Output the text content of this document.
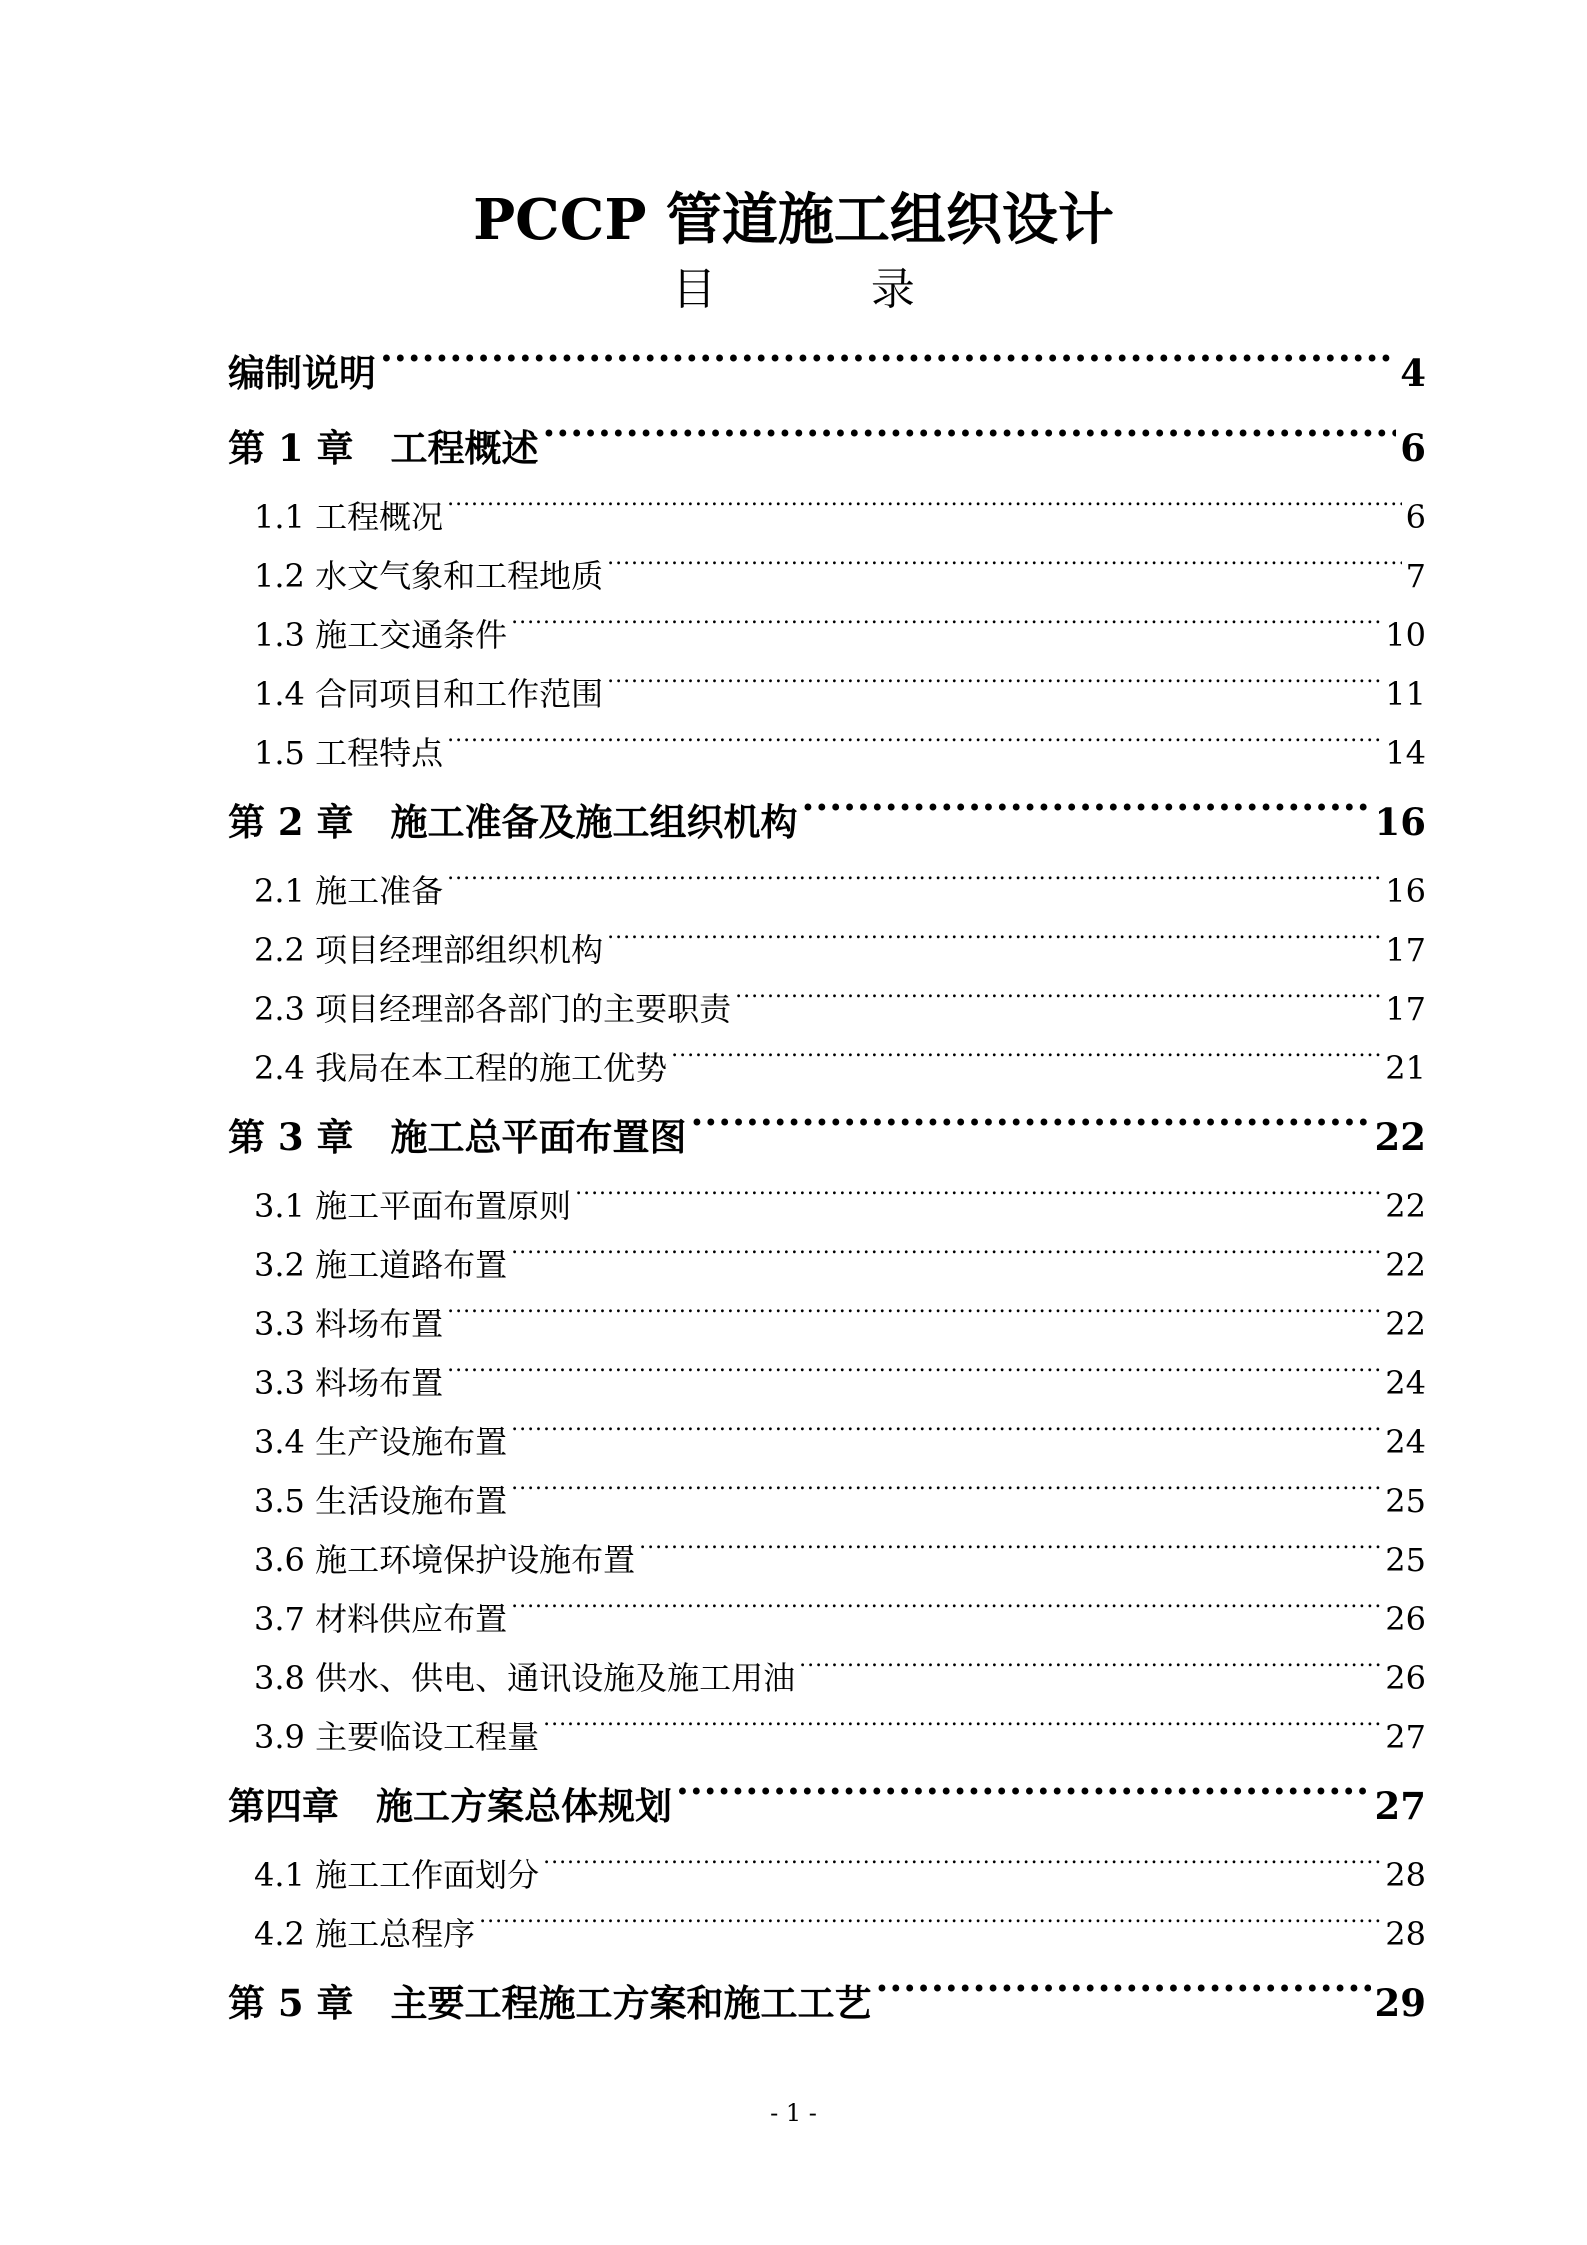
PCCP 管道施工组织设计
目 录
编制说明 .....	4
第 1 章　工程概述 .....	6
1.1 工程概况 .....	6
1.2 水文气象和工程地质 .....	7
1.3 施工交通条件 .....	10
1.4 合同项目和工作范围 .....	11
1.5 工程特点 .....	14
第 2 章　施工准备及施工组织机构 .....	16
2.1 施工准备 .....	16
2.2 项目经理部组织机构 .....	17
2.3 项目经理部各部门的主要职责 .....	17
2.4 我局在本工程的施工优势 .....	21
第 3 章　施工总平面布置图 .....	22
3.1 施工平面布置原则 .....	22
3.2 施工道路布置 .....	22
3.3 料场布置 .....	22
3.3 料场布置 .....	24
3.4 生产设施布置 .....	24
3.5 生活设施布置 .....	25
3.6 施工环境保护设施布置 .....	25
3.7 材料供应布置 .....	26
3.8 供水、供电、通讯设施及施工用油 .....	26
3.9 主要临设工程量 .....	27
第四章　施工方案总体规划 .....	27
4.1 施工工作面划分 .....	28
4.2 施工总程序 .....	28
第 5 章　主要工程施工方案和施工工艺 .....	29
- 1 -
